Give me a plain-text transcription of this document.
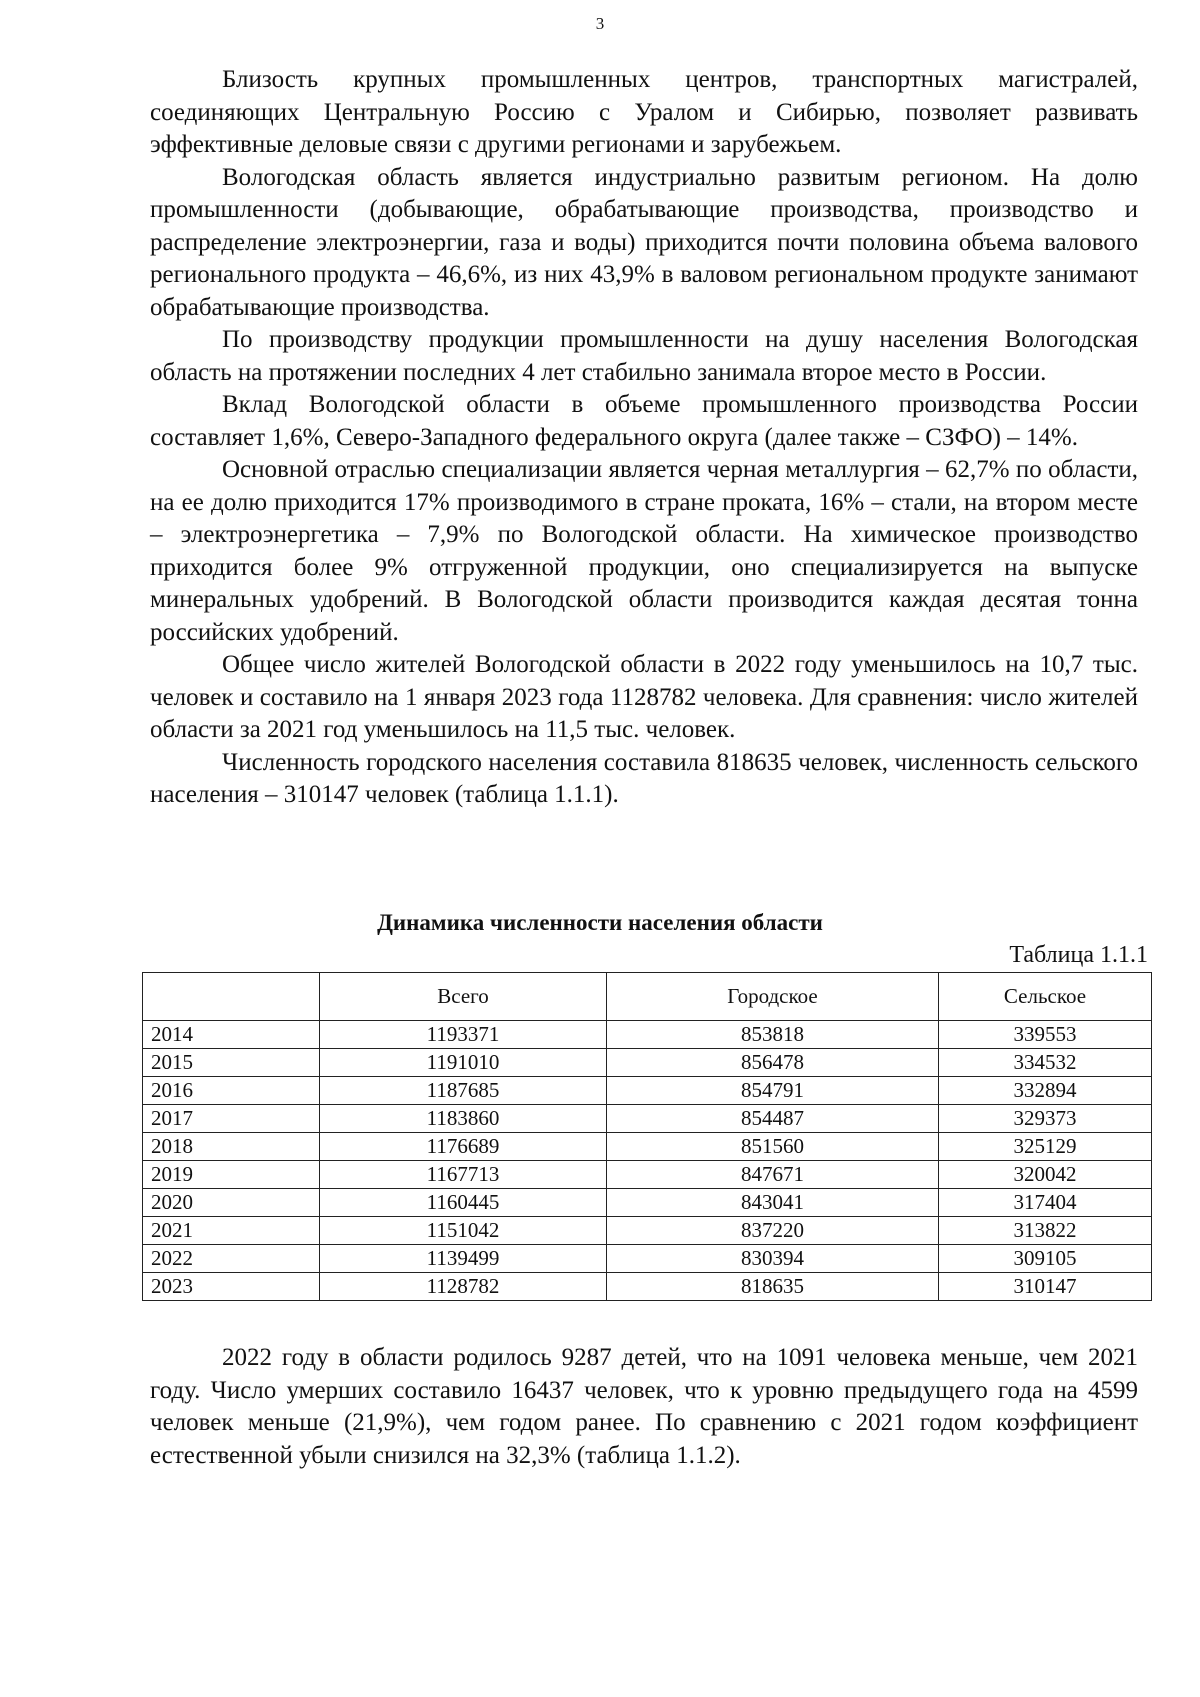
3

Близость крупных промышленных центров, транспортных магистралей, соединяющих Центральную Россию с Уралом и Сибирью, позволяет развивать эффективные деловые связи с другими регионами и зарубежьем.

Вологодская область является индустриально развитым регионом. На долю промышленности (добывающие, обрабатывающие производства, производство и распределение электроэнергии, газа и воды) приходится почти половина объема валового регионального продукта – 46,6%, из них 43,9% в валовом региональном продукте занимают обрабатывающие производства.

По производству продукции промышленности на душу населения Вологодская область на протяжении последних 4 лет стабильно занимала второе место в России.

Вклад Вологодской области в объеме промышленного производства России составляет 1,6%, Северо-Западного федерального округа (далее также – СЗФО) – 14%.

Основной отраслью специализации является черная металлургия – 62,7% по области, на ее долю приходится 17% производимого в стране проката, 16% – стали, на втором месте – электроэнергетика – 7,9% по Вологодской области. На химическое производство приходится более 9% отгруженной продукции, оно специализируется на выпуске минеральных удобрений. В Вологодской области производится каждая десятая тонна российских удобрений.

Общее число жителей Вологодской области в 2022 году уменьшилось на 10,7 тыс. человек и составило на 1 января 2023 года 1128782 человека. Для сравнения: число жителей области за 2021 год уменьшилось на 11,5 тыс. человек.

Численность городского населения составила 818635 человек, численность сельского населения – 310147 человек (таблица 1.1.1).

Динамика численности населения области
Таблица 1.1.1
	Всего	Городское	Сельское
2014	1193371	853818	339553
2015	1191010	856478	334532
2016	1187685	854791	332894
2017	1183860	854487	329373
2018	1176689	851560	325129
2019	1167713	847671	320042
2020	1160445	843041	317404
2021	1151042	837220	313822
2022	1139499	830394	309105
2023	1128782	818635	310147

2022 году в области родилось 9287 детей, что на 1091 человека меньше, чем 2021 году. Число умерших составило 16437 человек, что к уровню предыдущего года на 4599 человек меньше (21,9%), чем годом ранее. По сравнению с 2021 годом коэффициент естественной убыли снизился на 32,3% (таблица 1.1.2).
